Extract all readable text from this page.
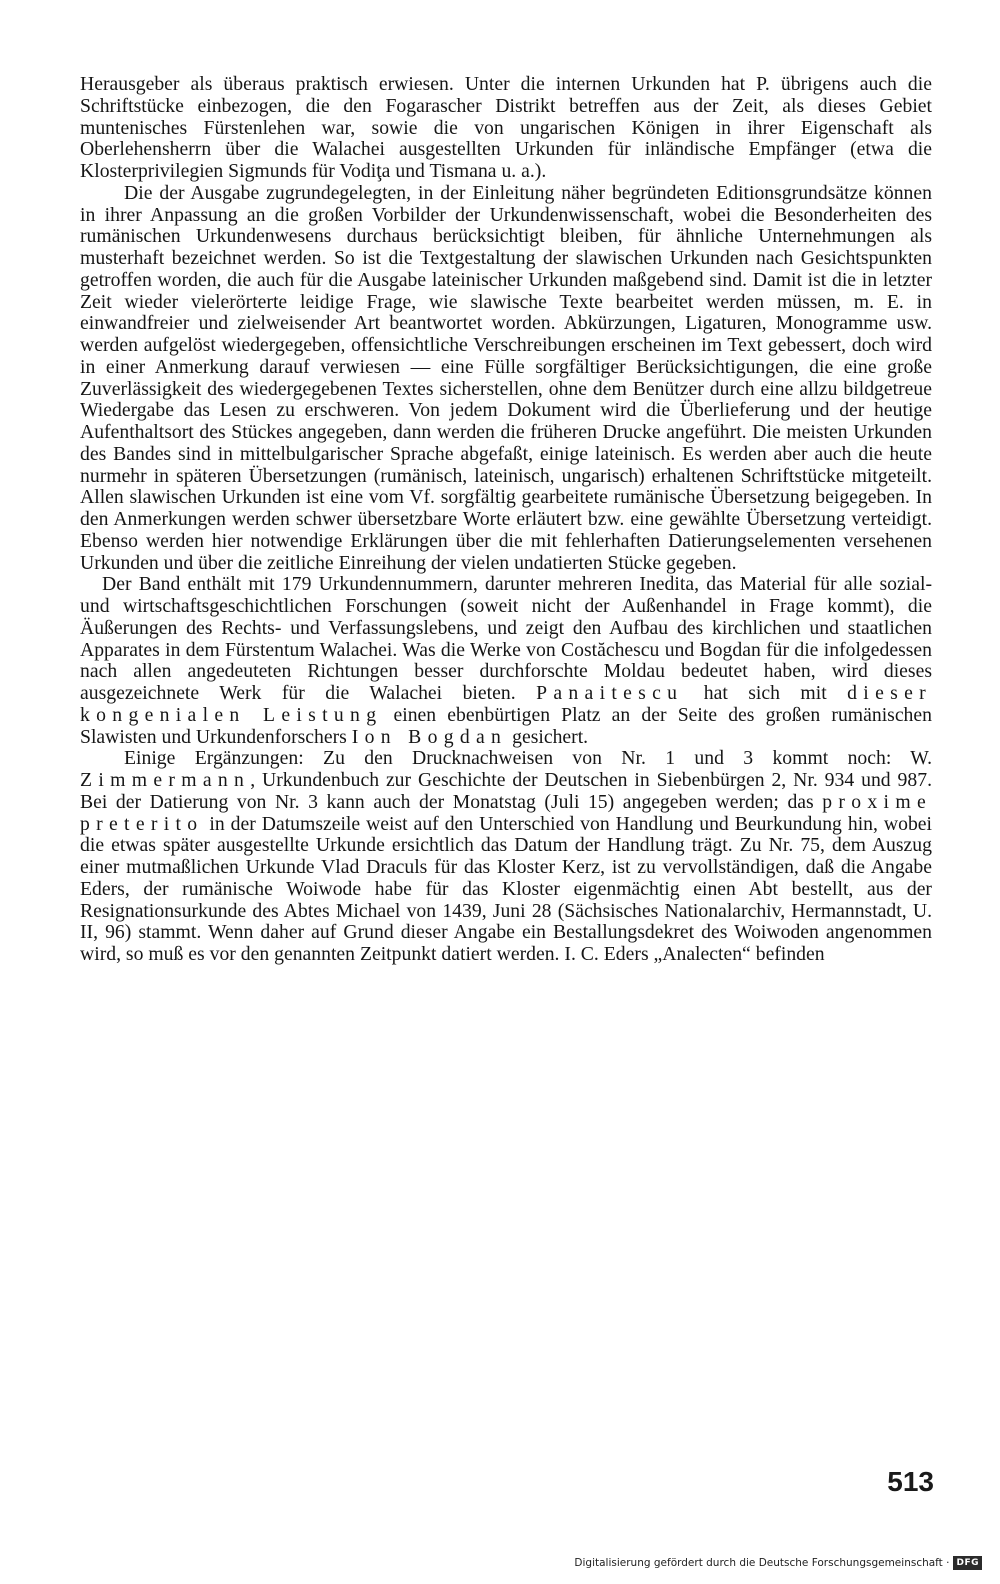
Herausgeber als überaus praktisch erwiesen. Unter die internen Urkunden hat P. übrigens auch die Schriftstücke einbezogen, die den Fogarascher Distrikt betreffen aus der Zeit, als dieses Gebiet muntenisches Fürstenlehen war, sowie die von ungarischen Königen in ihrer Eigenschaft als Oberlehensherrn über die Walachei ausgestellten Urkunden für inländische Empfänger (etwa die Klosterprivilegien Sigmunds für Vodiţa und Tismana u. a.).

Die der Ausgabe zugrundegelegten, in der Einleitung näher begründeten Editionsgrundsätze können in ihrer Anpassung an die großen Vorbilder der Urkundenwissenschaft, wobei die Besonderheiten des rumänischen Urkundenwesens durchaus berücksichtigt bleiben, für ähnliche Unternehmungen als musterhaft bezeichnet werden. So ist die Textgestaltung der slawischen Urkunden nach Gesichtspunkten getroffen worden, die auch für die Ausgabe lateinischer Urkunden maßgebend sind. Damit ist die in letzter Zeit wieder vielerörterte leidige Frage, wie slawische Texte bearbeitet werden müssen, m. E. in einwandfreier und zielweisender Art beantwortet worden. Abkürzungen, Ligaturen, Monogramme usw. werden aufgelöst wiedergegeben, offensichtliche Verschreibungen erscheinen im Text gebessert, doch wird in einer Anmerkung darauf verwiesen — eine Fülle sorgfältiger Berücksichtigungen, die eine große Zuverlässigkeit des wiedergegebenen Textes sicherstellen, ohne dem Benützer durch eine allzu bildgetreue Wiedergabe das Lesen zu erschweren. Von jedem Dokument wird die Überlieferung und der heutige Aufenthaltsort des Stückes angegeben, dann werden die früheren Drucke angeführt. Die meisten Urkunden des Bandes sind in mittelbulgarischer Sprache abgefaßt, einige lateinisch. Es werden aber auch die heute nurmehr in späteren Übersetzungen (rumänisch, lateinisch, ungarisch) erhaltenen Schriftstücke mitgeteilt. Allen slawischen Urkunden ist eine vom Vf. sorgfältig gearbeitete rumänische Übersetzung beigegeben. In den Anmerkungen werden schwer übersetzbare Worte erläutert bzw. eine gewählte Übersetzung verteidigt. Ebenso werden hier notwendige Erklärungen über die mit fehlerhaften Datierungselementen versehenen Urkunden und über die zeitliche Einreihung der vielen undatierten Stücke gegeben.

Der Band enthält mit 179 Urkundennummern, darunter mehreren Inedita, das Material für alle sozial- und wirtschaftsgeschichtlichen Forschungen (soweit nicht der Außenhandel in Frage kommt), die Äußerungen des Rechts- und Verfassungslebens, und zeigt den Aufbau des kirchlichen und staatlichen Apparates in dem Fürstentum Walachei. Was die Werke von Costăchescu und Bogdan für die infolgedessen nach allen angedeuteten Richtungen besser durchforschte Moldau bedeutet haben, wird dieses ausgezeichnete Werk für die Walachei bieten. Panaitescu hat sich mit dieser kongenialen Leistung einen ebenbürtigen Platz an der Seite des großen rumänischen Slawisten und Urkundenforschers Ion Bogdan gesichert.

Einige Ergänzungen: Zu den Drucknachweisen von Nr. 1 und 3 kommt noch: W. Zimmermann, Urkundenbuch zur Geschichte der Deutschen in Siebenbürgen 2, Nr. 934 und 987. Bei der Datierung von Nr. 3 kann auch der Monatstag (Juli 15) angegeben werden; das proxime preterito in der Datumszeile weist auf den Unterschied von Handlung und Beurkundung hin, wobei die etwas später ausgestellte Urkunde ersichtlich das Datum der Handlung trägt. Zu Nr. 75, dem Auszug einer mutmaßlichen Urkunde Vlad Draculs für das Kloster Kerz, ist zu vervollständigen, daß die Angabe Eders, der rumänische Woiwode habe für das Kloster eigenmächtig einen Abt bestellt, aus der Resignationsurkunde des Abtes Michael von 1439, Juni 28 (Sächsisches Nationalarchiv, Hermannstadt, U. II, 96) stammt. Wenn daher auf Grund dieser Angabe ein Bestallungsdekret des Woiwoden angenommen wird, so muß es vor den genannten Zeitpunkt datiert werden. I. C. Eders „Analecten“ befinden

513
Digitalisierung gefördert durch die Deutsche Forschungsgemeinschaft · DFG
